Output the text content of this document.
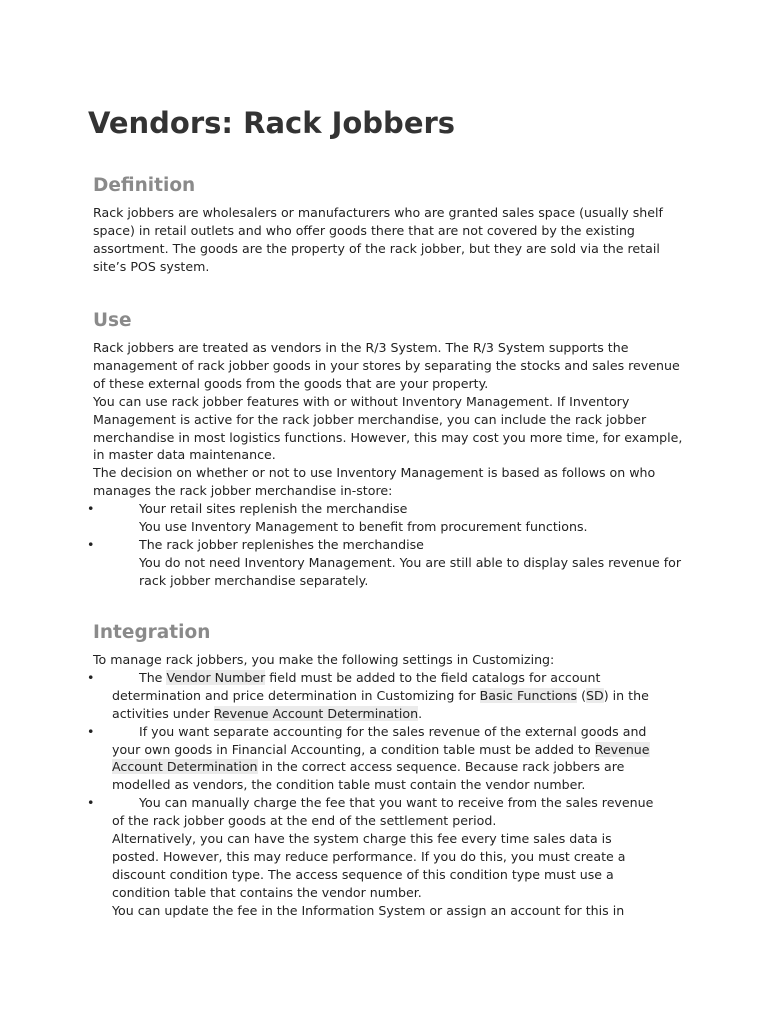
Vendors: Rack Jobbers
Definition

Rack jobbers are wholesalers or manufacturers who are granted sales space (usually shelf space) in retail outlets and who offer goods there that are not covered by the existing assortment. The goods are the property of the rack jobber, but they are sold via the retail site’s POS system.

Use

Rack jobbers are treated as vendors in the R/3 System. The R/3 System supports the management of rack jobber goods in your stores by separating the stocks and sales revenue of these external goods from the goods that are your property.

You can use rack jobber features with or without Inventory Management. If Inventory Management is active for the rack jobber merchandise, you can include the rack jobber merchandise in most logistics functions. However, this may cost you more time, for example, in master data maintenance.

The decision on whether or not to use Inventory Management is based as follows on who manages the rack jobber merchandise in-store:

•	Your retail sites replenish the merchandise
You use Inventory Management to benefit from procurement functions.
•	The rack jobber replenishes the merchandise
You do not need Inventory Management. You are still able to display sales revenue for rack jobber merchandise separately.
Integration

To manage rack jobbers, you make the following settings in Customizing:

•	The Vendor Number field must be added to the field catalogs for account determination and price determination in Customizing for Basic Functions (SD) in the activities under Revenue Account Determination.
•	If you want separate accounting for the sales revenue of the external goods and your own goods in Financial Accounting, a condition table must be added to Revenue Account Determination in the correct access sequence. Because rack jobbers are modelled as vendors, the condition table must contain the vendor number.
•	You can manually charge the fee that you want to receive from the sales revenue of the rack jobber goods at the end of the settlement period.
Alternatively, you can have the system charge this fee every time sales data is posted. However, this may reduce performance. If you do this, you must create a discount condition type. The access sequence of this condition type must use a condition table that contains the vendor number.
You can update the fee in the Information System or assign an account for this in
